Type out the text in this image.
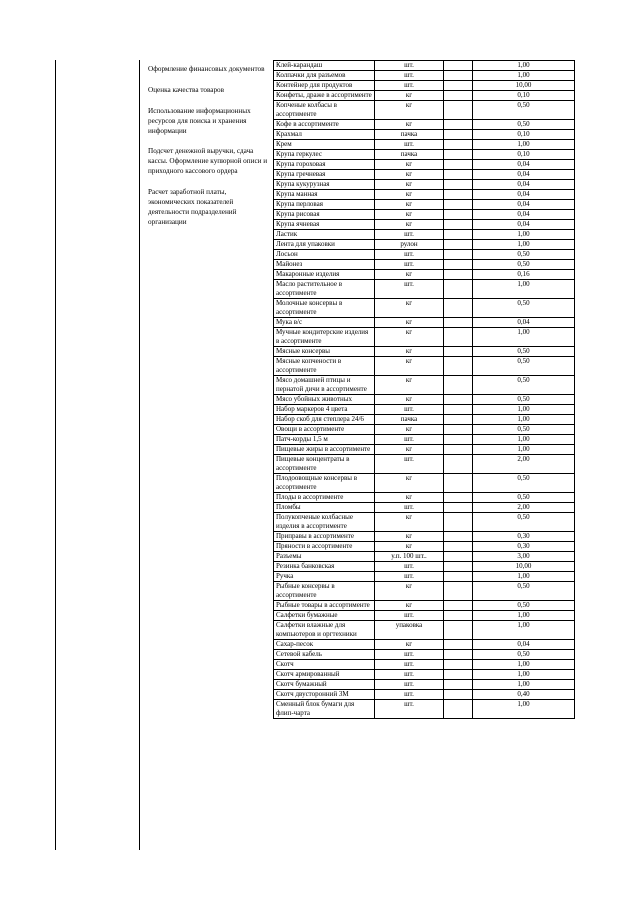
Оформление финансовых документов
Оценка качества товаров
Использование информационных ресурсов для поиска и хранения информации
Подсчет денежной выручки, сдача кассы. Оформление купюрной описи и приходного кассового ордера
Расчет заработной платы, экономических показателей деятельности подразделений организации
Клей-карандаш	шт.		1,00
Колпачки для разъемов	шт.		1,00
Контейнер для продуктов	шт.		10,00
Конфеты, драже в ассортименте	кг		0,10
Копченые колбасы в ассортименте	кг		0,50
Кофе в ассортименте	кг		0,50
Крахмал	пачка		0,10
Крем	шт.		1,00
Крупа геркулес	пачка		0,10
Крупа гороховая	кг		0,04
Крупа гречневая	кг		0,04
Крупа кукурузная	кг		0,04
Крупа манная	кг		0,04
Крупа перловая	кг		0,04
Крупа рисовая	кг		0,04
Крупа ячневая	кг		0,04
Ластик	шт.		1,00
Лента для упаковки	рулон		1,00
Лосьон	шт.		0,50
Майонез	шт.		0,50
Макаронные изделия	кг		0,16
Масло растительное в ассортименте	шт.		1,00
Молочные консервы в ассортименте	кг		0,50
Мука в/с	кг		0,04
Мучные кондитерские изделия в ассортименте	кг		1,00
Мясные консервы	кг		0,50
Мясные копчености в ассортименте	кг		0,50
Мясо домашней птицы и пернатой дичи в ассортименте	кг		0,50
Мясо убойных животных	кг		0,50
Набор маркеров 4 цвета	шт.		1,00
Набор скоб для степлера 24/6	пачка		1,00
Овощи в ассортименте	кг		0,50
Патч-корды 1,5 м	шт.		1,00
Пищевые жиры в ассортименте	кг		1,00
Пищевые концентраты в ассортименте	шт.		2,00
Плодоовощные консервы в ассортименте	кг		0,50
Плоды в ассортименте	кг		0,50
Пломбы	шт.		2,00
Полукопченые колбасные изделия в ассортименте	кг		0,50
Приправы в ассортименте	кг		0,30
Пряности в ассортименте	кг		0,30
Разъемы	у.п. 100 шт..		3,00
Резинка банковская	шт.		10,00
Ручка	шт.		1,00
Рыбные консервы в ассортименте	кг		0,50
Рыбные товары в ассортименте	кг		0,50
Салфетки бумажные	шт.		1,00
Салфетки влажные для компьютеров и оргтехники	упаковка		1,00
Сахар-песок	кг		0,04
Сетевой кабель	шт.		0,50
Скотч	шт.		1,00
Скотч армированный	шт.		1,00
Скотч бумажный	шт.		1,00
Скотч двусторонний 3М	шт.		0,40
Сменный блок бумаги для флип-чарта	шт.		1,00
